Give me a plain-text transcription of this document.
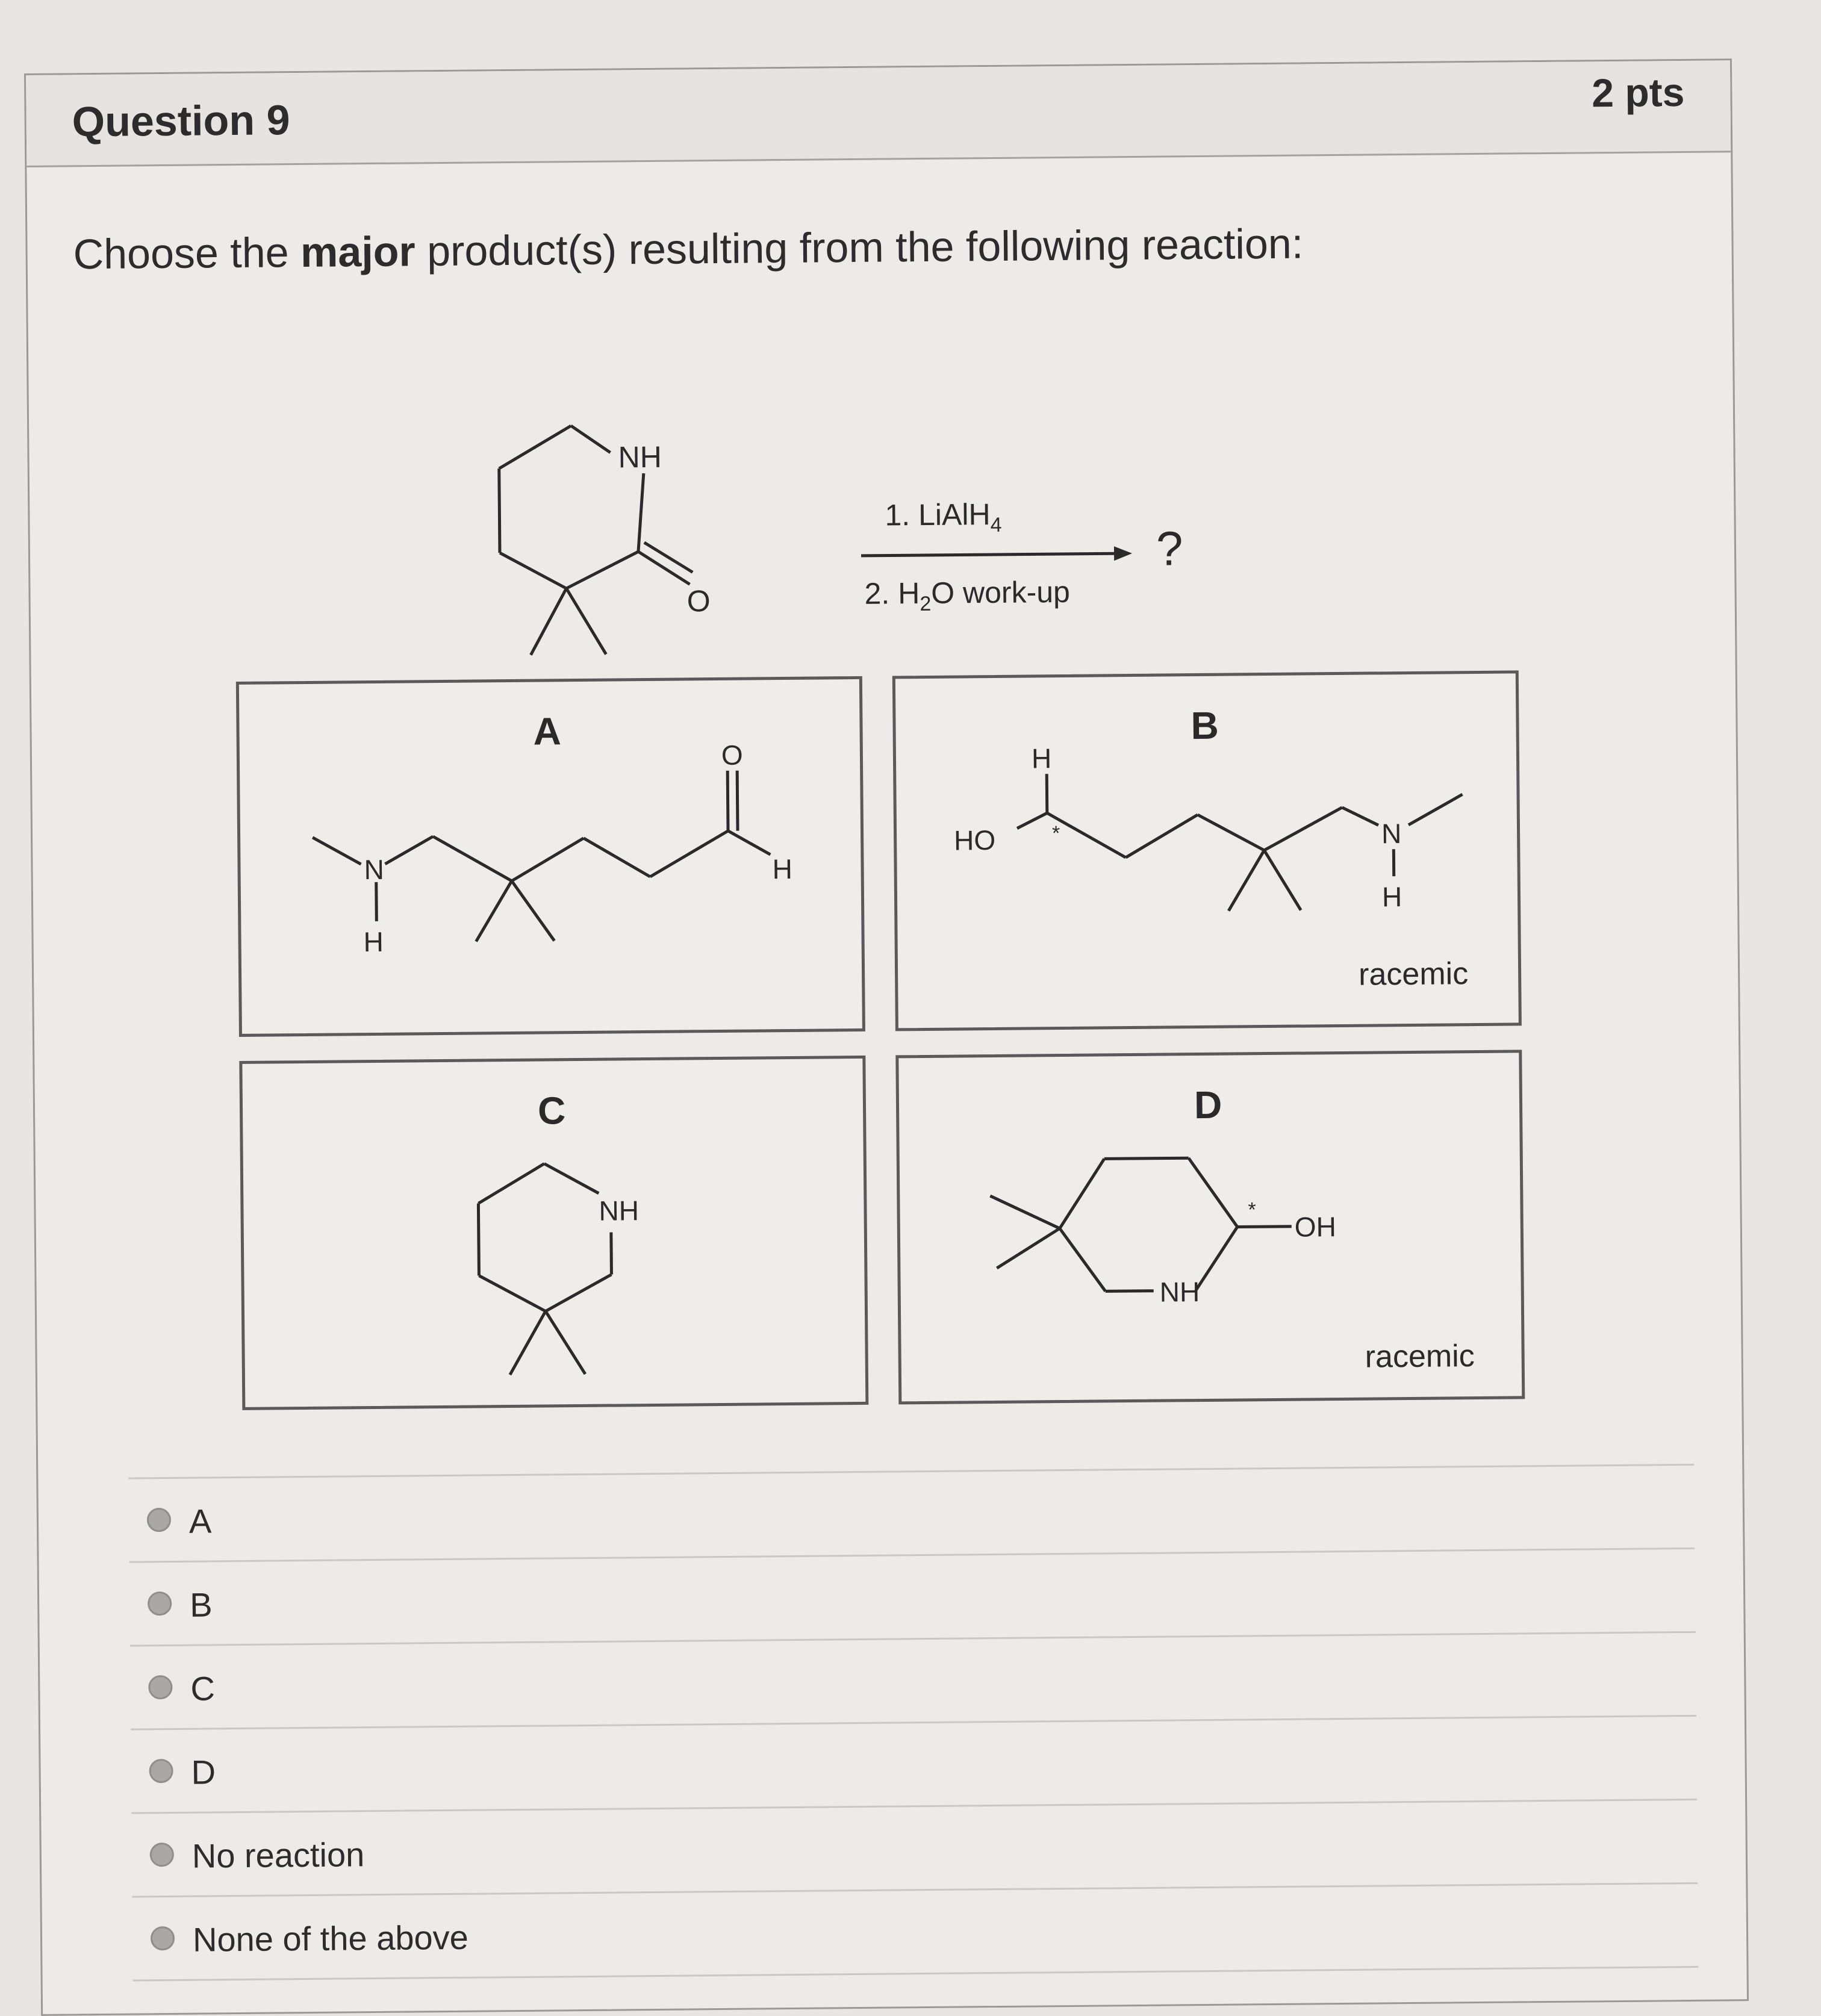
Question 9
2 pts
Choose the major product(s) resulting from the following reaction:
NH
O
1. LiAlH$_4$
2. $H_2O$ work-up
?
A
N
H
O
H
B
H
HO	*	N
H
racemic
C
NH
D
*
OH
NH
racemic
A
B
C
D
No reaction
None of the above
